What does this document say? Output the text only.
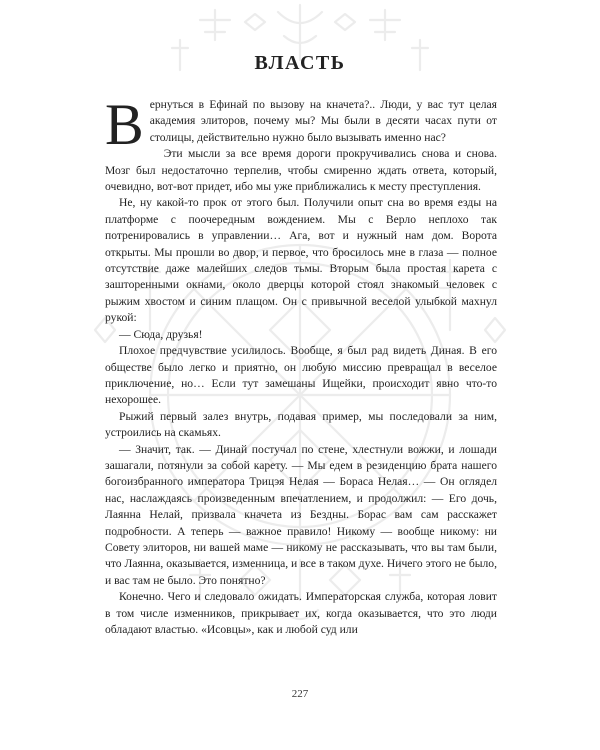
ВЛАСТЬ

Вернуться в Ефинай по вызову на кначета?.. Люди, у вас тут целая академия элиторов, почему мы? Мы были в десяти часах пути от столицы, действительно нужно было вызывать именно нас?

Эти мысли за все время дороги прокручивались снова и снова. Мозг был недостаточно терпелив, чтобы смиренно ждать ответа, который, очевидно, вот-вот придет, ибо мы уже приближались к месту преступления.

Не, ну какой-то прок от этого был. Получили опыт сна во время езды на платформе с поочередным вождением. Мы с Верло неплохо так потренировались в управлении… Ага, вот и нужный нам дом. Ворота открыты. Мы прошли во двор, и первое, что бросилось мне в глаза — полное отсутствие даже малейших следов тьмы. Вторым была простая карета с зашторенными окнами, около дверцы которой стоял знакомый человек с рыжим хвостом и синим плащом. Он с привычной веселой улыбкой махнул рукой:

— Сюда, друзья!

Плохое предчувствие усилилось. Вообще, я был рад видеть Диная. В его обществе было легко и приятно, он любую миссию превращал в веселое приключение, но… Если тут замешаны Ищейки, происходит явно что-то нехорошее.

Рыжий первый залез внутрь, подавая пример, мы последовали за ним, устроились на скамьях.

— Значит, так. — Динай постучал по стене, хлестнули вожжи, и лошади зашагали, потянули за собой карету. — Мы едем в резиденцию брата нашего богоизбранного императора Трицэя Нелая — Бораса Нелая… — Он оглядел нас, наслаждаясь произведенным впечатлением, и продолжил: — Его дочь, Лаянна Нелай, призвала кначета из Бездны. Борас вам сам расскажет подробности. А теперь — важное правило! Никому — вообще никому: ни Совету элиторов, ни вашей маме — никому не рассказывать, что вы там были, что Лаянна, оказывается, изменница, и все в таком духе. Ничего этого не было, и вас там не было. Это понятно?

Конечно. Чего и следовало ожидать. Императорская служба, которая ловит в том числе изменников, прикрывает их, когда оказывается, что это люди обладают властью. «Исовцы», как и любой суд или

227
